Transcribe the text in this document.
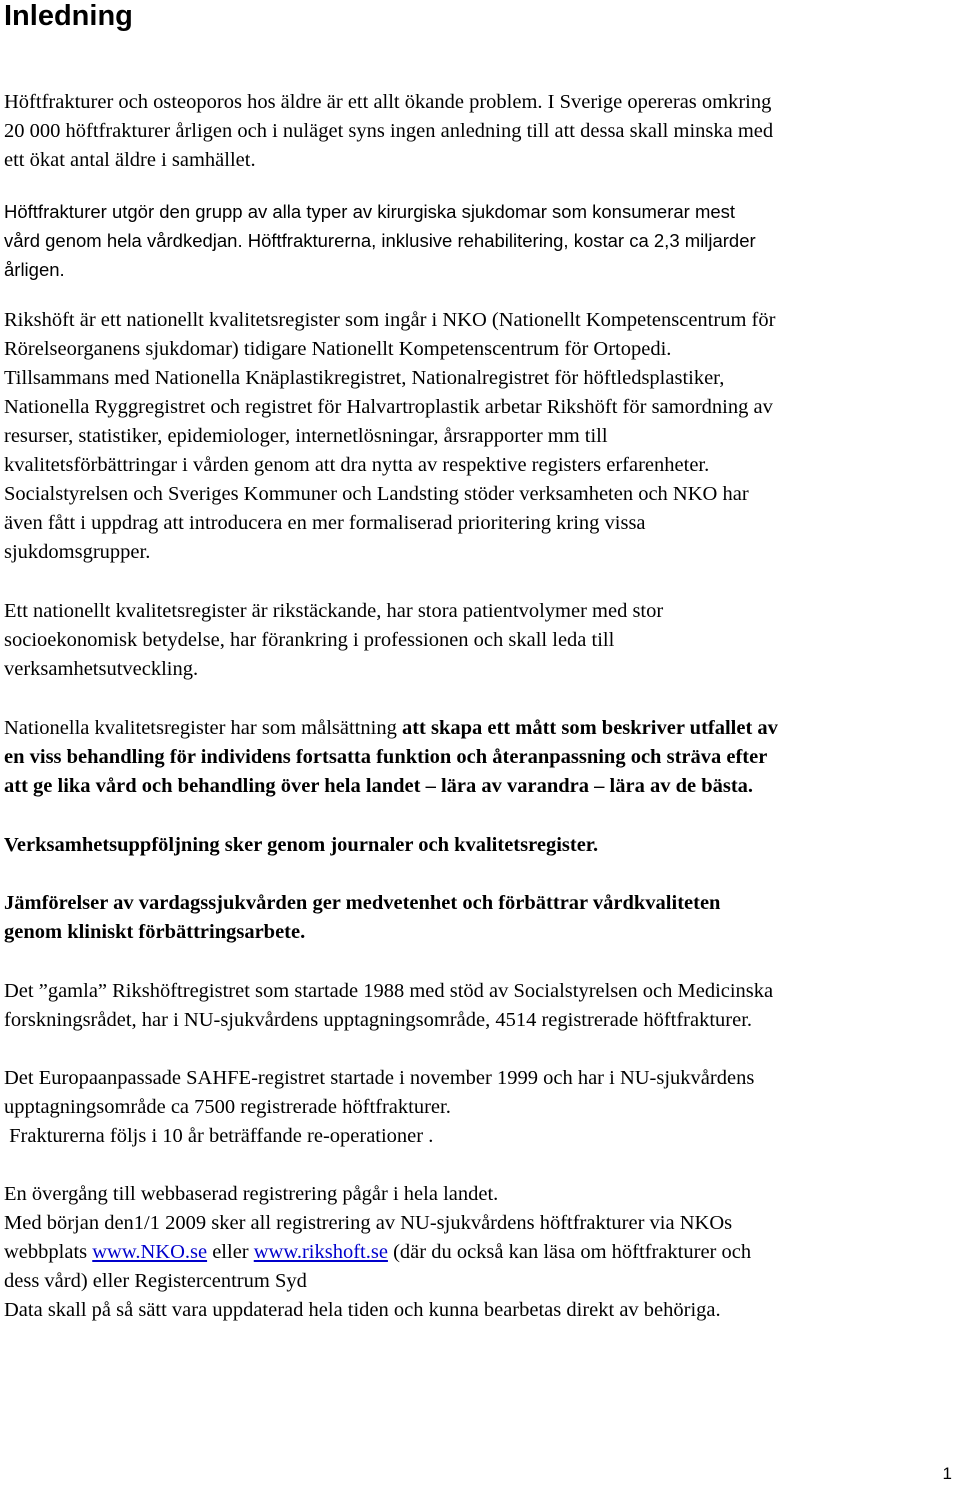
Inledning

Höftfrakturer och osteoporos hos äldre är ett allt ökande problem. I Sverige opereras omkring
20 000 höftfrakturer årligen och i nuläget syns ingen anledning till att dessa skall minska med
ett ökat antal äldre i samhället.

Höftfrakturer utgör den grupp av alla typer av kirurgiska sjukdomar som konsumerar mest
vård genom hela vårdkedjan. Höftfrakturerna, inklusive rehabilitering, kostar ca 2,3 miljarder
årligen.

Rikshöft är ett nationellt kvalitetsregister som ingår i NKO (Nationellt Kompetenscentrum för
Rörelseorganens sjukdomar) tidigare Nationellt Kompetenscentrum för Ortopedi.
Tillsammans med Nationella Knäplastikregistret, Nationalregistret för höftledsplastiker,
Nationella Ryggregistret och registret för Halvartroplastik arbetar Rikshöft för samordning av
resurser, statistiker, epidemiologer, internetlösningar, årsrapporter mm till
kvalitetsförbättringar i vården genom att dra nytta av respektive registers erfarenheter.
Socialstyrelsen och Sveriges Kommuner och Landsting stöder verksamheten och NKO har
även fått i uppdrag att introducera en mer formaliserad prioritering kring vissa
sjukdomsgrupper.

Ett nationellt kvalitetsregister är rikstäckande, har stora patientvolymer med stor
socioekonomisk betydelse, har förankring i professionen och skall leda till
verksamhetsutveckling.

Nationella kvalitetsregister har som målsättning att skapa ett mått som beskriver utfallet av
en viss behandling för individens fortsatta funktion och återanpassning och sträva efter
att ge lika vård och behandling över hela landet – lära av varandra – lära av de bästa.

Verksamhetsuppföljning sker genom journaler och kvalitetsregister.

Jämförelser av vardagssjukvården ger medvetenhet och förbättrar vårdkvaliteten
genom kliniskt förbättringsarbete.

Det ”gamla” Rikshöftregistret som startade 1988 med stöd av Socialstyrelsen och Medicinska
forskningsrådet, har i NU-sjukvårdens upptagningsområde, 4514 registrerade höftfrakturer.

Det Europaanpassade SAHFE-registret startade i november 1999 och har i NU-sjukvårdens
upptagningsområde ca 7500 registrerade höftfrakturer.
Frakturerna följs i 10 år beträffande re-operationer .

En övergång till webbaserad registrering pågår i hela landet.
Med början den1/1 2009 sker all registrering av NU-sjukvårdens höftfrakturer via NKOs
webbplats www.NKO.se eller www.rikshoft.se (där du också kan läsa om höftfrakturer och
dess vård) eller Registercentrum Syd
Data skall på så sätt vara uppdaterad hela tiden och kunna bearbetas direkt av behöriga.

1
